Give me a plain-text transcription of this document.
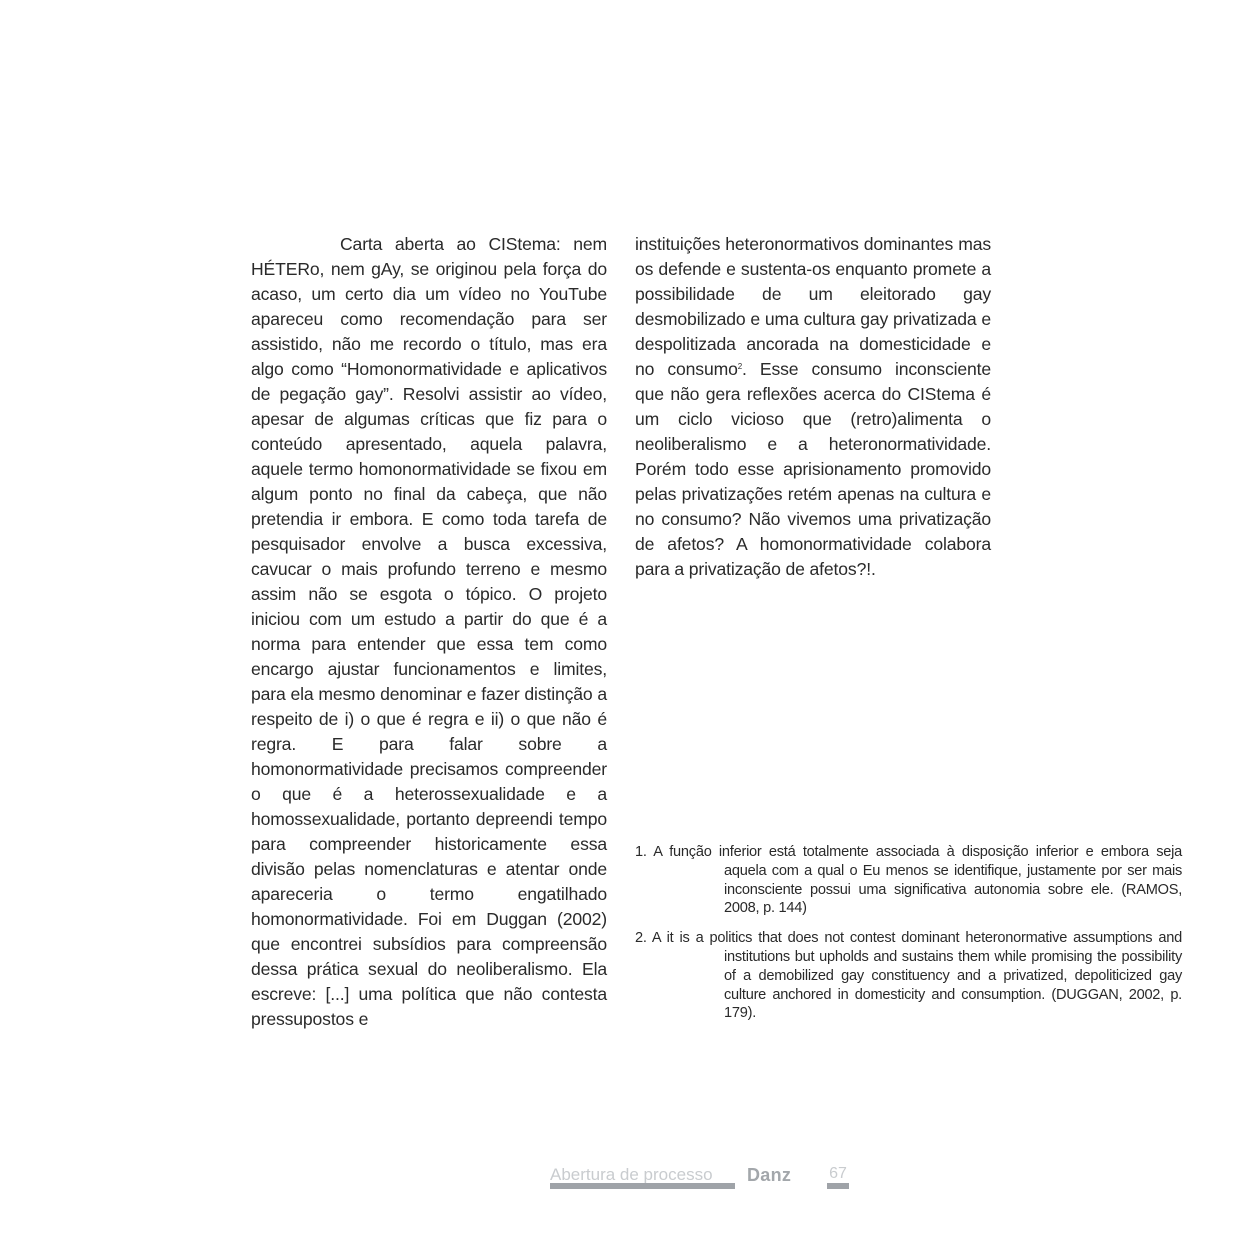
Carta aberta ao CIStema: nem HÉTERo, nem gAy, se originou pela força do acaso, um certo dia um vídeo no YouTube apareceu como recomendação para ser assistido, não me recordo o título, mas era algo como “Homonormatividade e aplicativos de pegação gay”. Resolvi assistir ao vídeo, apesar de algumas críticas que fiz para o conteúdo apresentado, aquela palavra, aquele termo homonormatividade se fixou em algum ponto no final da cabeça, que não pretendia ir embora. E como toda tarefa de pesquisador envolve a busca excessiva, cavucar o mais profundo terreno e mesmo assim não se esgota o tópico. O projeto iniciou com um estudo a partir do que é a norma para entender que essa tem como encargo ajustar funcionamentos e limites, para ela mesmo denominar e fazer distinção a respeito de i) o que é regra e ii) o que não é regra. E para falar sobre a homonormatividade precisamos compreender o que é a heterossexualidade e a homossexualidade, portanto depreendi tempo para compreender historicamente essa divisão pelas nomenclaturas e atentar onde apareceria o termo engatilhado homonormatividade. Foi em Duggan (2002) que encontrei subsídios para compreensão dessa prática sexual do neoliberalismo. Ela escreve: [...] uma política que não contesta pressupostos e
instituições heteronormativos dominantes mas os defende e sustenta-os enquanto promete a possibilidade de um eleitorado gay desmobilizado e uma cultura gay privatizada e despolitizada ancorada na domesticidade e no consumo$^2$. Esse consumo inconsciente que não gera reflexões acerca do CIStema é um ciclo vicioso que (retro)alimenta o neoliberalismo e a heteronormatividade. Porém todo esse aprisionamento promovido pelas privatizações retém apenas na cultura e no consumo? Não vivemos uma privatização de afetos? A homonormatividade colabora para a privatização de afetos?!.
1. A função inferior está totalmente associada à disposição inferior e embora seja aquela com a qual o Eu menos se identifique, justamente por ser mais inconsciente possui uma significativa autonomia sobre ele. (RAMOS, 2008, p. 144)
2. A it is a politics that does not contest dominant heteronormative assumptions and institutions but upholds and sustains them while promising the possibility of a demobilized gay constituency and a privatized, depoliticized gay culture anchored in domesticity and consumption. (DUGGAN, 2002, p. 179).
Abertura de processo	Danz 67
